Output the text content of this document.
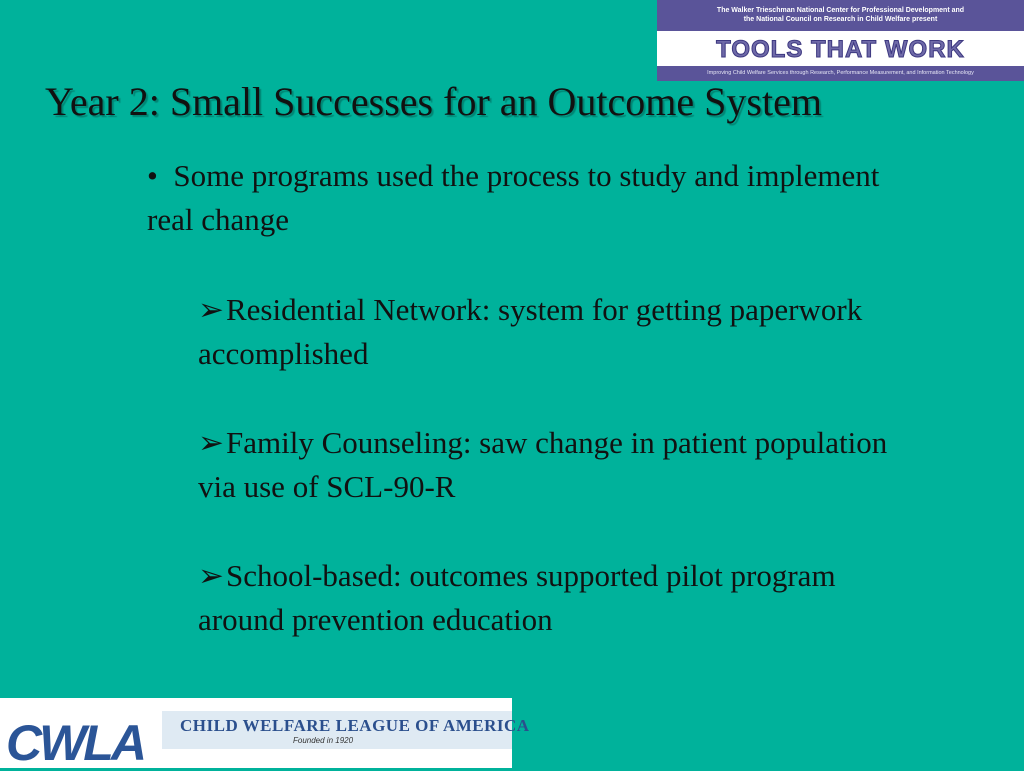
The Walker Trieschman National Center for Professional Development and
the National Council on Research in Child Welfare present
TOOLS THAT WORK
Improving Child Welfare Services through Research, Performance Measurement, and Information Technology
Year 2: Small Successes for an Outcome System
• Some programs used the process to study and implement real change
➢Residential Network: system for getting paperwork accomplished
➢Family Counseling: saw change in patient population via use of SCL-90-R
➢School-based: outcomes supported pilot program around prevention education
CWLA CHILD WELFARE LEAGUE OF AMERICA
Founded in 1920
